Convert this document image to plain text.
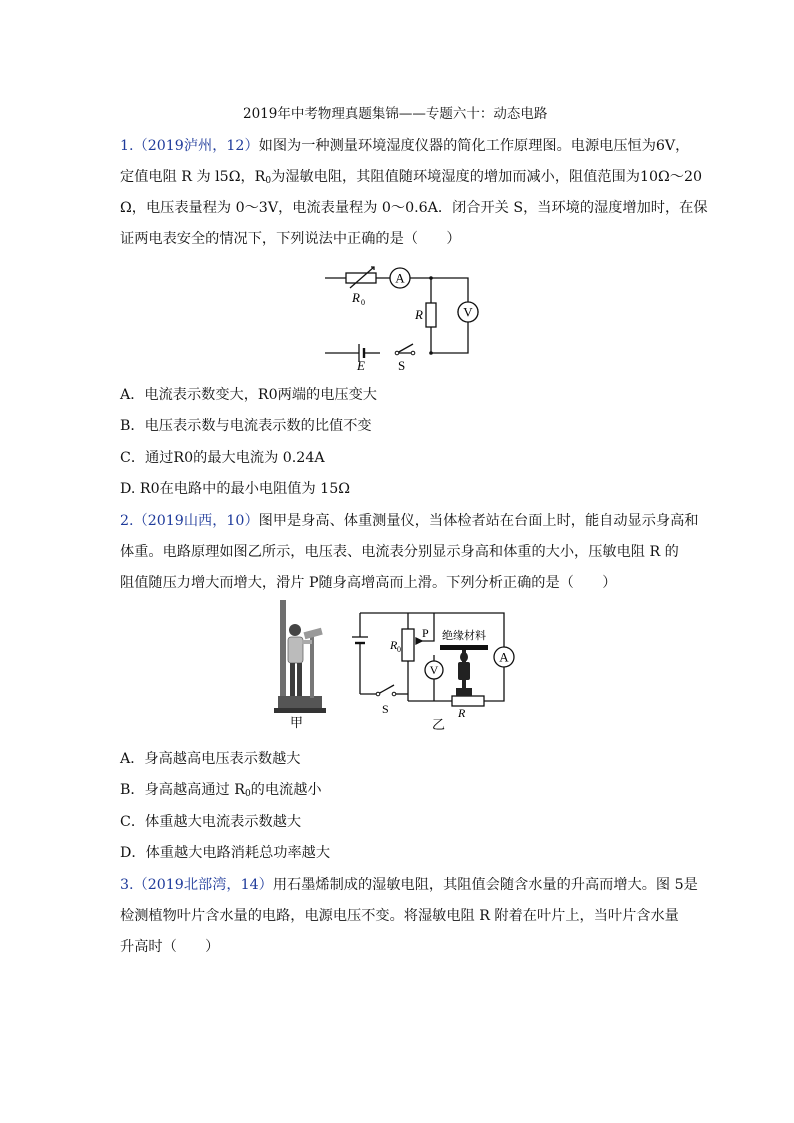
2019年中考物理真题集锦——专题六十：动态电路
1.（2019泸州，12）如图为一种测量环境湿度仪器的简化工作原理图。电源电压恒为6V，
定值电阻 R 为 l5Ω，$R_0$为湿敏电阻，其阻值随环境湿度的增加而减小，阻值范围为10Ω～20
Ω，电压表量程为 0～3V，电流表量程为 0～0.6A．闭合开关 S，当环境的湿度增加时，在保
证两电表安全的情况下，下列说法中正确的是（　　）
A
V
R 0
R
E	S
A．电流表示数变大，R0两端的电压变大
B．电压表示数与电流表示数的比值不变
C．通过R0的最大电流为 0.24A
D. R0在电路中的最小电阻值为 15Ω
2.（2019山西，10）图甲是身高、体重测量仪，当体检者站在台面上时，能自动显示身高和
体重。电路原理如图乙所示，电压表、电流表分别显示身高和体重的大小，压敏电阻 R 的
阻值随压力增大而增大，滑片 P随身高增高而上滑。下列分析正确的是（　　）
甲
V
A
R 0
P 绝缘材料
S	R
乙
A．身高越高电压表示数越大
B．身高越高通过 $R_0$的电流越小
C．体重越大电流表示数越大
D．体重越大电路消耗总功率越大
3.（2019北部湾，14）用石墨烯制成的湿敏电阻，其阻值会随含水量的升高而增大。图 5是
检测植物叶片含水量的电路，电源电压不变。将湿敏电阻 R 附着在叶片上，当叶片含水量
升高时（　　）
